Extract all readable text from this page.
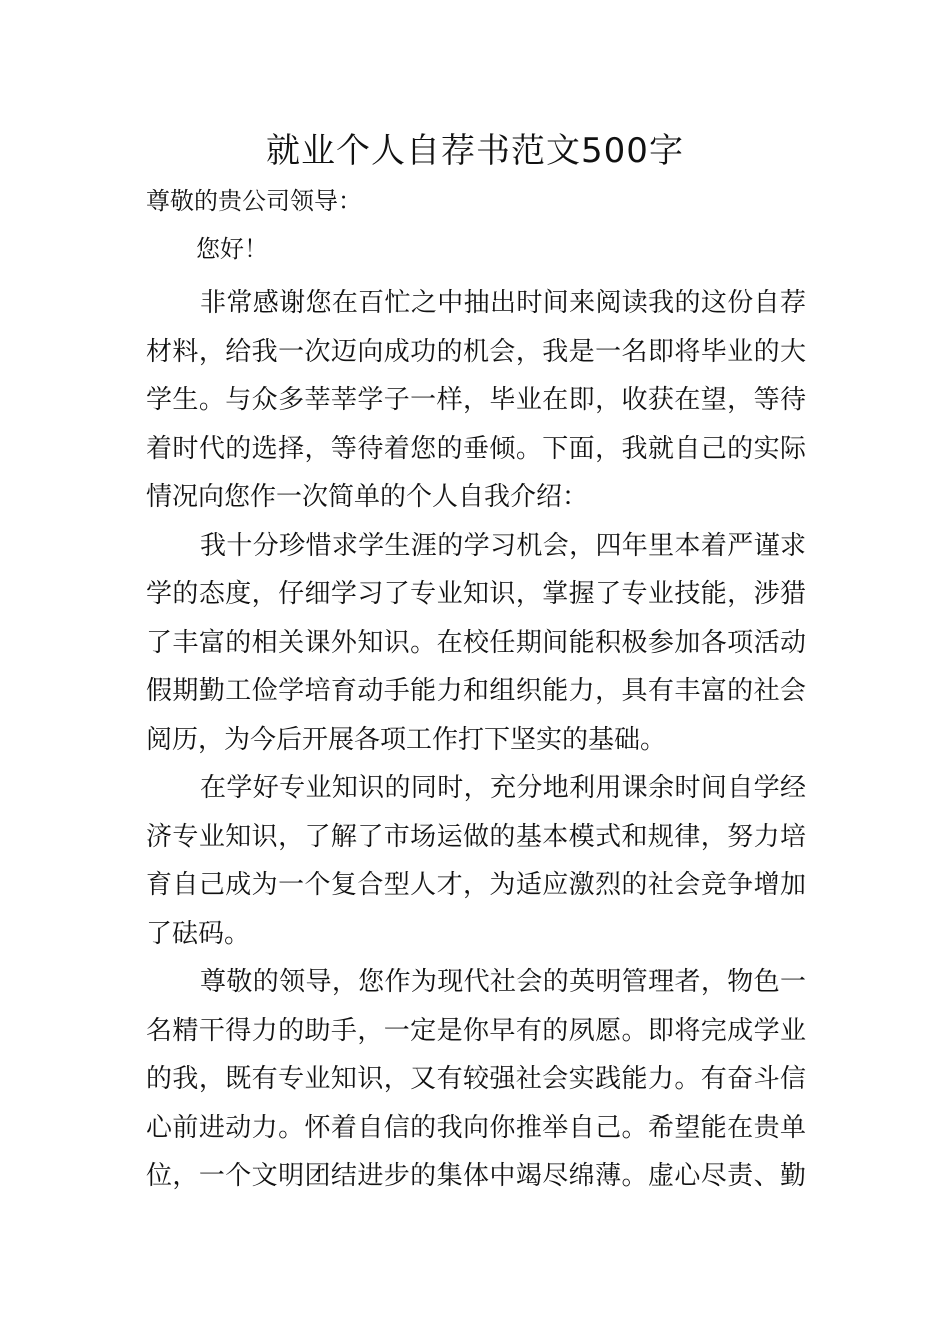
就业个人自荐书范文500字
尊敬的贵公司领导：
您好！
非常感谢您在百忙之中抽出时间来阅读我的这份自荐
材料，给我一次迈向成功的机会，我是一名即将毕业的大
学生。与众多莘莘学子一样，毕业在即，收获在望，等待
着时代的选择，等待着您的垂倾。下面，我就自己的实际
情况向您作一次简单的个人自我介绍：
我十分珍惜求学生涯的学习机会，四年里本着严谨求
学的态度，仔细学习了专业知识，掌握了专业技能，涉猎
了丰富的相关课外知识。在校任期间能积极参加各项活动
假期勤工俭学培育动手能力和组织能力，具有丰富的社会
阅历，为今后开展各项工作打下坚实的基础。
在学好专业知识的同时，充分地利用课余时间自学经
济专业知识，了解了市场运做的基本模式和规律，努力培
育自己成为一个复合型人才，为适应激烈的社会竞争增加
了砝码。
尊敬的领导，您作为现代社会的英明管理者，物色一
名精干得力的助手，一定是你早有的夙愿。即将完成学业
的我，既有专业知识，又有较强社会实践能力。有奋斗信
心前进动力。怀着自信的我向你推举自己。希望能在贵单
位，一个文明团结进步的集体中竭尽绵薄。虚心尽责、勤
